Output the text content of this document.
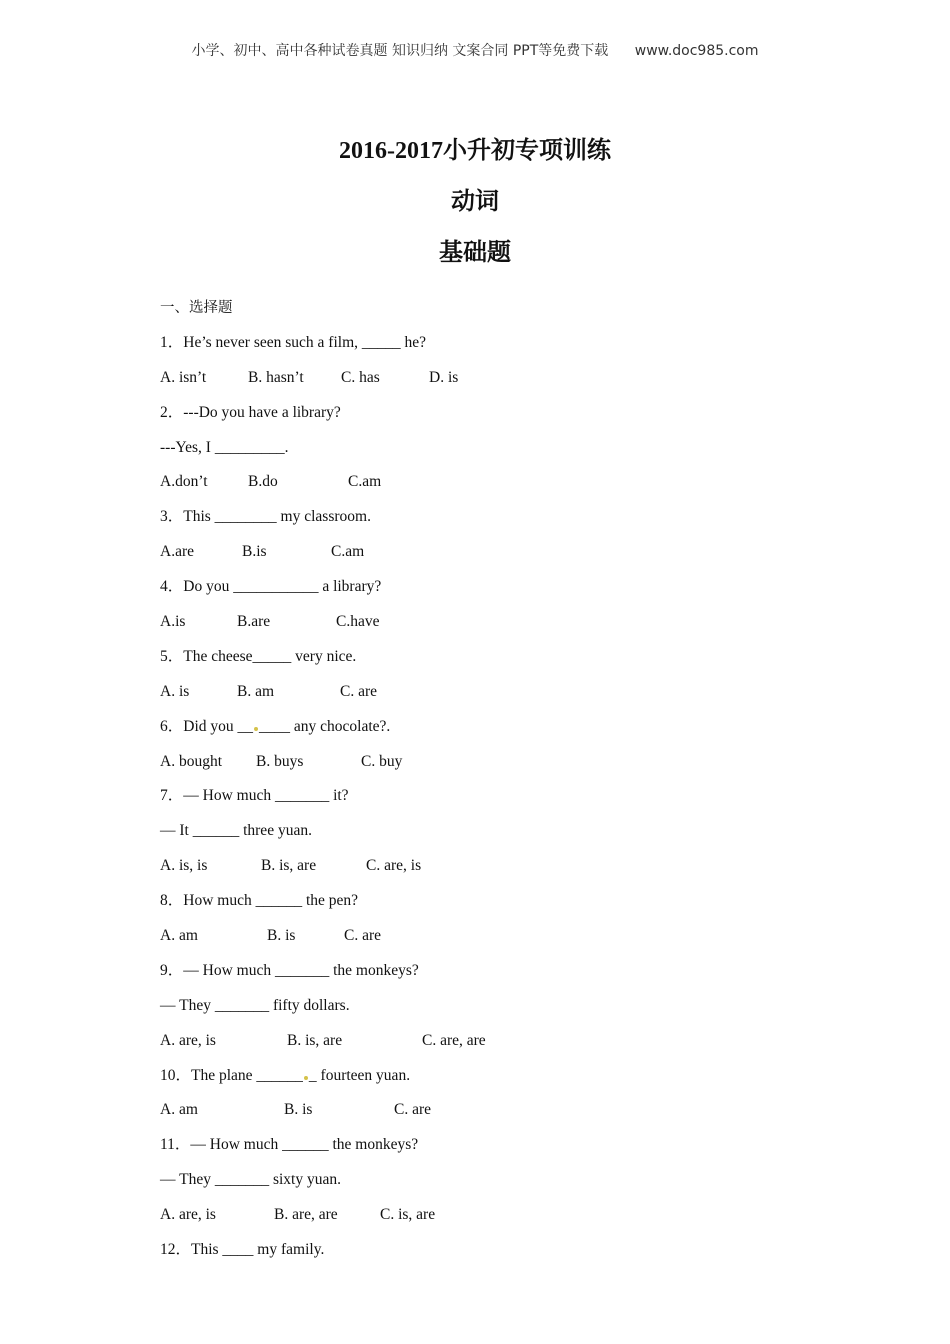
小学、初中、高中各种试卷真题 知识归纳 文案合同 PPT等免费下载 www.doc985.com
2016-2017小升初专项训练
动词
基础题
一、选择题
1．He’s never seen such a film, _____ he?
A. isn’t	B. hasn’t C. has	D. is
2．---Do you have a library?
---Yes, I _________.
A.don’t	B.do	C.am
3．This ________ my classroom.
A.are	B.is	C.am
4．Do you ___________ a library?
A.is	B.are	C.have
5．The cheese_____ very nice.
A. is	B. am	C. are
6．Did you __ ____ any chocolate?.
A. bought B. buys	C. buy
7．— How much _______ it?
— It ______ three yuan.
A. is, is	B. is, are	C. are, is
8．How much ______ the pen?
A. am	B. is	C. are
9．— How much _______ the monkeys?
— They _______ fifty dollars.
A. are, is	B. is, are	C. are, are
10．The plane ______ _ fourteen yuan.
A. am	B. is	C. are
11．— How much ______ the monkeys?
— They _______ sixty yuan.
A. are, is	B. are, are	C. is, are
12．This ____ my family.
